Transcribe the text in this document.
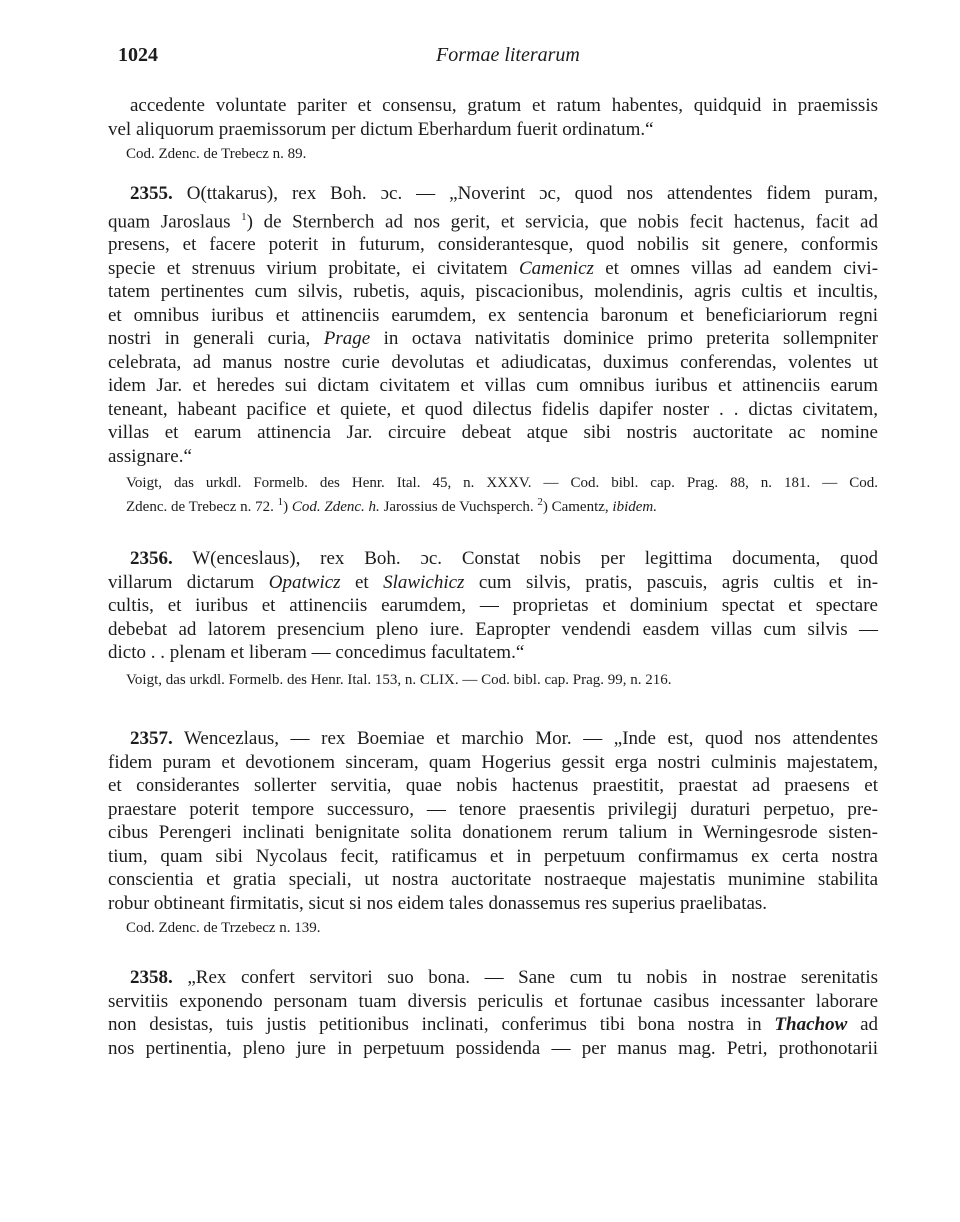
1024	Formae literarum
accedente voluntate pariter et consensu, gratum et ratum habentes, quidquid in praemissis
vel aliquorum praemissorum per dictum Eberhardum fuerit ordinatum.“
Cod. Zdenc. de Trebecz n. 89.
2355. O(ttakarus), rex Boh. ɔc. — „Noverint ɔc, quod nos attendentes fidem puram,
quam Jaroslaus $^1$) de Sternberch ad nos gerit, et servicia, que nobis fecit hactenus, facit ad
presens, et facere poterit in futurum, considerantesque, quod nobilis sit genere, conformis
specie et strenuus virium probitate, ei civitatem Camenicz et omnes villas ad eandem civi-
tatem pertinentes cum silvis, rubetis, aquis, piscacionibus, molendinis, agris cultis et incultis,
et omnibus iuribus et attinenciis earumdem, ex sentencia baronum et beneficiariorum regni
nostri in generali curia, Prage in octava nativitatis dominice primo preterita sollempniter
celebrata, ad manus nostre curie devolutas et adiudicatas, duximus conferendas, volentes ut
idem Jar. et heredes sui dictam civitatem et villas cum omnibus iuribus et attinenciis earum
teneant, habeant pacifice et quiete, et quod dilectus fidelis dapifer noster . . dictas civitatem,
villas et earum attinencia Jar. circuire debeat atque sibi nostris auctoritate ac nomine
assignare.“
Voigt, das urkdl. Formelb. des Henr. Ital. 45, n. XXXV. — Cod. bibl. cap. Prag. 88, n. 181. — Cod.
Zdenc. de Trebecz n. 72. $^1$) Cod. Zdenc. h. Jarossius de Vuchsperch. $^2$) Camentz, ibidem.
2356. W(enceslaus), rex Boh. ɔc. Constat nobis per legittima documenta, quod
villarum dictarum Opatwicz et Slawichicz cum silvis, pratis, pascuis, agris cultis et in-
cultis, et iuribus et attinenciis earumdem, — proprietas et dominium spectat et spectare
debebat ad latorem presencium pleno iure. Eapropter vendendi easdem villas cum silvis —
dicto . . plenam et liberam — concedimus facultatem.“
Voigt, das urkdl. Formelb. des Henr. Ital. 153, n. CLIX. — Cod. bibl. cap. Prag. 99, n. 216.
2357. Wencezlaus, — rex Boemiae et marchio Mor. — „Inde est, quod nos attendentes
fidem puram et devotionem sinceram, quam Hogerius gessit erga nostri culminis majestatem,
et considerantes sollerter servitia, quae nobis hactenus praestitit, praestat ad praesens et
praestare poterit tempore successuro, — tenore praesentis privilegij duraturi perpetuo, pre-
cibus Perengeri inclinati benignitate solita donationem rerum talium in Werningesrode sisten-
tium, quam sibi Nycolaus fecit, ratificamus et in perpetuum confirmamus ex certa nostra
conscientia et gratia speciali, ut nostra auctoritate nostraeque majestatis munimine stabilita
robur obtineant firmitatis, sicut si nos eidem tales donassemus res superius praelibatas.
Cod. Zdenc. de Trzebecz n. 139.
2358. „Rex confert servitori suo bona. — Sane cum tu nobis in nostrae serenitatis
servitiis exponendo personam tuam diversis periculis et fortunae casibus incessanter laborare
non desistas, tuis justis petitionibus inclinati, conferimus tibi bona nostra in Thachow ad
nos pertinentia, pleno jure in perpetuum possidenda — per manus mag. Petri, prothonotarii
